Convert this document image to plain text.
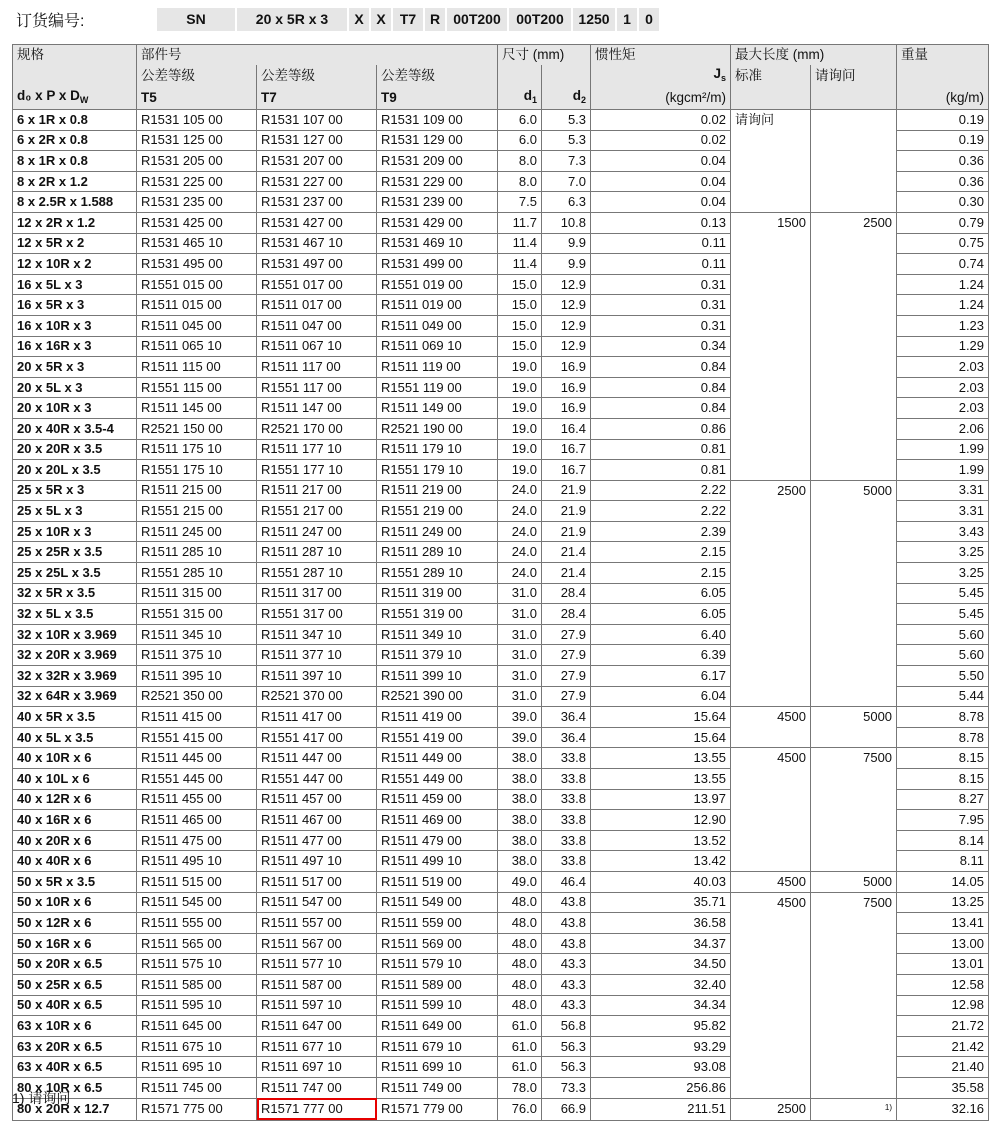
订货编号:	SN	20 x 5R x 3	X X	T7 R 00T200	00T200	1250 1	0
规格	部件号			尺寸 (mm)		惯性矩	最大长度 (mm)		重量
	公差等级	公差等级	公差等级			$J_s$	标准	请询问	
d₀ x P x $D_W$	T5	T7	T9	$d_1$	$d_2$	(kgcm²/m)			(kg/m)
6 x 1R x 0.8	R1531 105 00	R1531 107 00	R1531 109 00	6.0	5.3	0.02	请询问		0.19
6 x 2R x 0.8	R1531 125 00	R1531 127 00	R1531 129 00	6.0	5.3	0.02			0.19
8 x 1R x 0.8	R1531 205 00	R1531 207 00	R1531 209 00	8.0	7.3	0.04			0.36
8 x 2R x 1.2	R1531 225 00	R1531 227 00	R1531 229 00	8.0	7.0	0.04			0.36
8 x 2.5R x 1.588	R1531 235 00	R1531 237 00	R1531 239 00	7.5	6.3	0.04			0.30
12 x 2R x 1.2	R1531 425 00	R1531 427 00	R1531 429 00	11.7	10.8	0.13	1500	2500	0.79
12 x 5R x 2	R1531 465 10	R1531 467 10	R1531 469 10	11.4	9.9	0.11			0.75
12 x 10R x 2	R1531 495 00	R1531 497 00	R1531 499 00	11.4	9.9	0.11			0.74
16 x 5L x 3	R1551 015 00	R1551 017 00	R1551 019 00	15.0	12.9	0.31			1.24
16 x 5R x 3	R1511 015 00	R1511 017 00	R1511 019 00	15.0	12.9	0.31			1.24
16 x 10R x 3	R1511 045 00	R1511 047 00	R1511 049 00	15.0	12.9	0.31			1.23
16 x 16R x 3	R1511 065 10	R1511 067 10	R1511 069 10	15.0	12.9	0.34			1.29
20 x 5R x 3	R1511 115 00	R1511 117 00	R1511 119 00	19.0	16.9	0.84			2.03
20 x 5L x 3	R1551 115 00	R1551 117 00	R1551 119 00	19.0	16.9	0.84			2.03
20 x 10R x 3	R1511 145 00	R1511 147 00	R1511 149 00	19.0	16.9	0.84			2.03
20 x 40R x 3.5-4	R2521 150 00	R2521 170 00	R2521 190 00	19.0	16.4	0.86			2.06
20 x 20R x 3.5	R1511 175 10	R1511 177 10	R1511 179 10	19.0	16.7	0.81			1.99
20 x 20L x 3.5	R1551 175 10	R1551 177 10	R1551 179 10	19.0	16.7	0.81			1.99
25 x 5R x 3	R1511 215 00	R1511 217 00	R1511 219 00	24.0	21.9	2.22	2500	5000	3.31
25 x 5L x 3	R1551 215 00	R1551 217 00	R1551 219 00	24.0	21.9	2.22			3.31
25 x 10R x 3	R1511 245 00	R1511 247 00	R1511 249 00	24.0	21.9	2.39			3.43
25 x 25R x 3.5	R1511 285 10	R1511 287 10	R1511 289 10	24.0	21.4	2.15			3.25
25 x 25L x 3.5	R1551 285 10	R1551 287 10	R1551 289 10	24.0	21.4	2.15			3.25
32 x 5R x 3.5	R1511 315 00	R1511 317 00	R1511 319 00	31.0	28.4	6.05			5.45
32 x 5L x 3.5	R1551 315 00	R1551 317 00	R1551 319 00	31.0	28.4	6.05			5.45
32 x 10R x 3.969	R1511 345 10	R1511 347 10	R1511 349 10	31.0	27.9	6.40			5.60
32 x 20R x 3.969	R1511 375 10	R1511 377 10	R1511 379 10	31.0	27.9	6.39			5.60
32 x 32R x 3.969	R1511 395 10	R1511 397 10	R1511 399 10	31.0	27.9	6.17			5.50
32 x 64R x 3.969	R2521 350 00	R2521 370 00	R2521 390 00	31.0	27.9	6.04			5.44
40 x 5R x 3.5	R1511 415 00	R1511 417 00	R1511 419 00	39.0	36.4	15.64	4500	5000	8.78
40 x 5L x 3.5	R1551 415 00	R1551 417 00	R1551 419 00	39.0	36.4	15.64			8.78
40 x 10R x 6	R1511 445 00	R1511 447 00	R1511 449 00	38.0	33.8	13.55	4500	7500	8.15
40 x 10L x 6	R1551 445 00	R1551 447 00	R1551 449 00	38.0	33.8	13.55			8.15
40 x 12R x 6	R1511 455 00	R1511 457 00	R1511 459 00	38.0	33.8	13.97			8.27
40 x 16R x 6	R1511 465 00	R1511 467 00	R1511 469 00	38.0	33.8	12.90			7.95
40 x 20R x 6	R1511 475 00	R1511 477 00	R1511 479 00	38.0	33.8	13.52			8.14
40 x 40R x 6	R1511 495 10	R1511 497 10	R1511 499 10	38.0	33.8	13.42			8.11
50 x 5R x 3.5	R1511 515 00	R1511 517 00	R1511 519 00	49.0	46.4	40.03	4500	5000	14.05
50 x 10R x 6	R1511 545 00	R1511 547 00	R1511 549 00	48.0	43.8	35.71	4500	7500	13.25
50 x 12R x 6	R1511 555 00	R1511 557 00	R1511 559 00	48.0	43.8	36.58			13.41
50 x 16R x 6	R1511 565 00	R1511 567 00	R1511 569 00	48.0	43.8	34.37			13.00
50 x 20R x 6.5	R1511 575 10	R1511 577 10	R1511 579 10	48.0	43.3	34.50			13.01
50 x 25R x 6.5	R1511 585 00	R1511 587 00	R1511 589 00	48.0	43.3	32.40			12.58
50 x 40R x 6.5	R1511 595 10	R1511 597 10	R1511 599 10	48.0	43.3	34.34			12.98
63 x 10R x 6	R1511 645 00	R1511 647 00	R1511 649 00	61.0	56.8	95.82			21.72
63 x 20R x 6.5	R1511 675 10	R1511 677 10	R1511 679 10	61.0	56.3	93.29			21.42
63 x 40R x 6.5	R1511 695 10	R1511 697 10	R1511 699 10	61.0	56.3	93.08			21.40
80 x 10R x 6.5	R1511 745 00	R1511 747 00	R1511 749 00	78.0	73.3	256.86			35.58
80 x 20R x 12.7	R1571 775 00	R1571 777 00	R1571 779 00	76.0	66.9	211.51	2500	$^{1)}$	32.16
1) 请询问
